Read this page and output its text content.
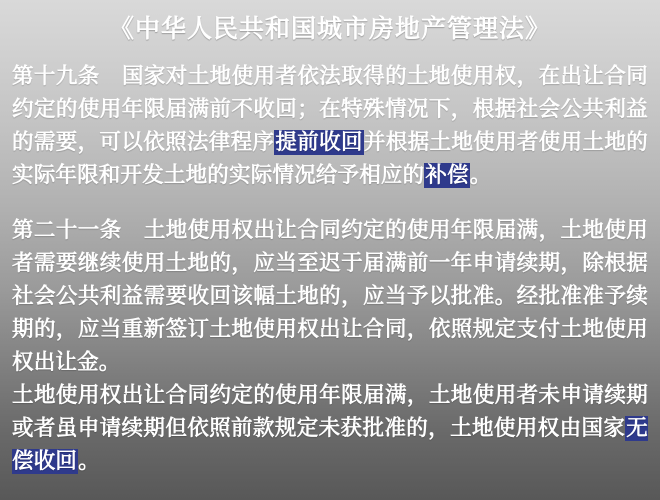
《中华人民共和国城市房地产管理法》
第十九条 国家对土地使用者依法取得的土地使用权，在出让合同约定的使用年限届满前不收回；在特殊情况下，根据社会公共利益的需要，可以依照法律程序提前收回并根据土地使用者使用土地的实际年限和开发土地的实际情况给予相应的补偿。
第二十一条 土地使用权出让合同约定的使用年限届满，土地使用者需要继续使用土地的，应当至迟于届满前一年申请续期，除根据社会公共利益需要收回该幅土地的，应当予以批准。经批准准予续期的，应当重新签订土地使用权出让合同，依照规定支付土地使用权出让金。
土地使用权出让合同约定的使用年限届满，土地使用者未申请续期或者虽申请续期但依照前款规定未获批准的，土地使用权由国家无偿收回。
